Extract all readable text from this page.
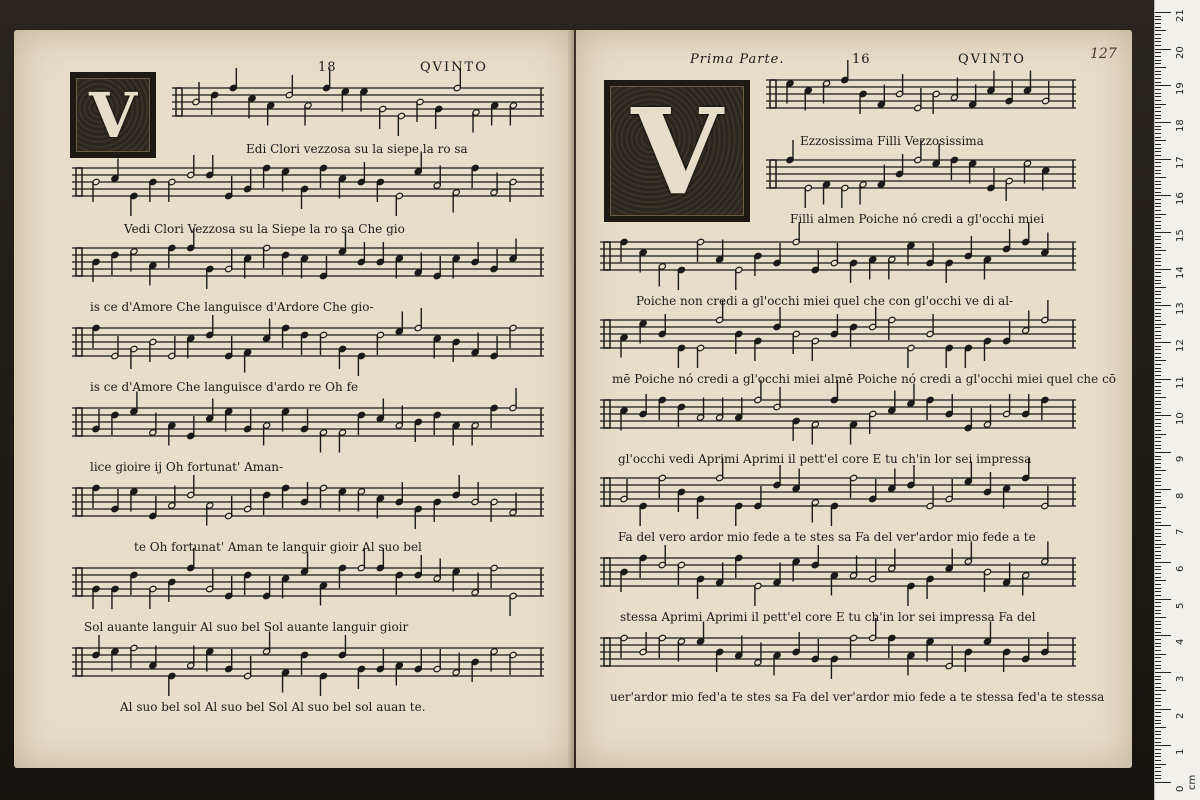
18	QVINTO
V
Prima Parte.	16	QVINTO	127
V
Edi Clori vezzosa su la siepe la ro sa
Vedi Clori Vezzosa su la Siepe la ro sa Che gio
is ce d'Amore Che languisce d'Ardore Che gio-
is ce d'Amore Che languisce d'ardo re Oh fe
lice gioire ij Oh fortunat' Aman-
te Oh fortunat' Aman te languir gioir Al suo bel
Sol auante languir Al suo bel Sol auante languir gioir
Al suo bel sol Al suo bel Sol Al suo bel sol auan te.
Ezzosissima Filli Vezzosissima
Filli almen Poiche nó credi a gl'occhi miei
Poiche non credi a gl'occhi miei quel che con gl'occhi ve di al-
mē Poiche nó credi a gl'occhi miei almē Poiche nó credi a gl'occhi miei quel che cō
gl'occhi vedi Aprimi Aprimi il pett'el core E tu ch'in lor sei impressa
Fa del vero ardor mio fede a te stes sa Fa del ver'ardor mio fede a te
stessa Aprimi Aprimi il pett'el core E tu ch'in lor sei impressa Fa del
uer'ardor mio fed'a te stes sa Fa del ver'ardor mio fede a te stessa fed'a te stessa
21
20
19
18
17
16
15
14
13
12
11
10
9
8
7
6
5
4
3
2
1
0 cm
